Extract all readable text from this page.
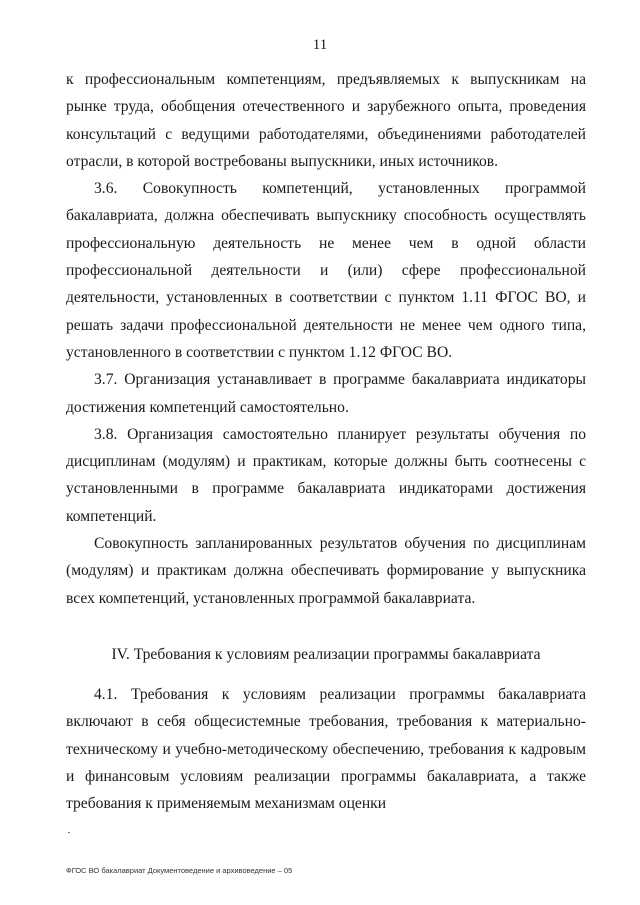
11

к профессиональным компетенциям, предъявляемых к выпускникам на рынке труда, обобщения отечественного и зарубежного опыта, проведения консультаций с ведущими работодателями, объединениями работодателей отрасли, в которой востребованы выпускники, иных источников.

3.6. Совокупность компетенций, установленных программой бакалавриата, должна обеспечивать выпускнику способность осуществлять профессиональную деятельность не менее чем в одной области профессиональной деятельности и (или) сфере профессиональной деятельности, установленных в соответствии с пунктом 1.11 ФГОС ВО, и решать задачи профессиональной деятельности не менее чем одного типа, установленного в соответствии с пунктом 1.12 ФГОС ВО.

3.7. Организация устанавливает в программе бакалавриата индикаторы достижения компетенций самостоятельно.

3.8. Организация самостоятельно планирует результаты обучения по дисциплинам (модулям) и практикам, которые должны быть соотнесены с установленными в программе бакалавриата индикаторами достижения компетенций.

Совокупность запланированных результатов обучения по дисциплинам (модулям) и практикам должна обеспечивать формирование у выпускника всех компетенций, установленных программой бакалавриата.

IV. Требования к условиям реализации программы бакалавриата

4.1. Требования к условиям реализации программы бакалавриата включают в себя общесистемные требования, требования к материально-техническому и учебно-методическому обеспечению, требования к кадровым и финансовым условиям реализации программы бакалавриата, а также требования к применяемым механизмам оценки

ФГОС ВО бакалавриат Документоведение и архивоведение – 05
